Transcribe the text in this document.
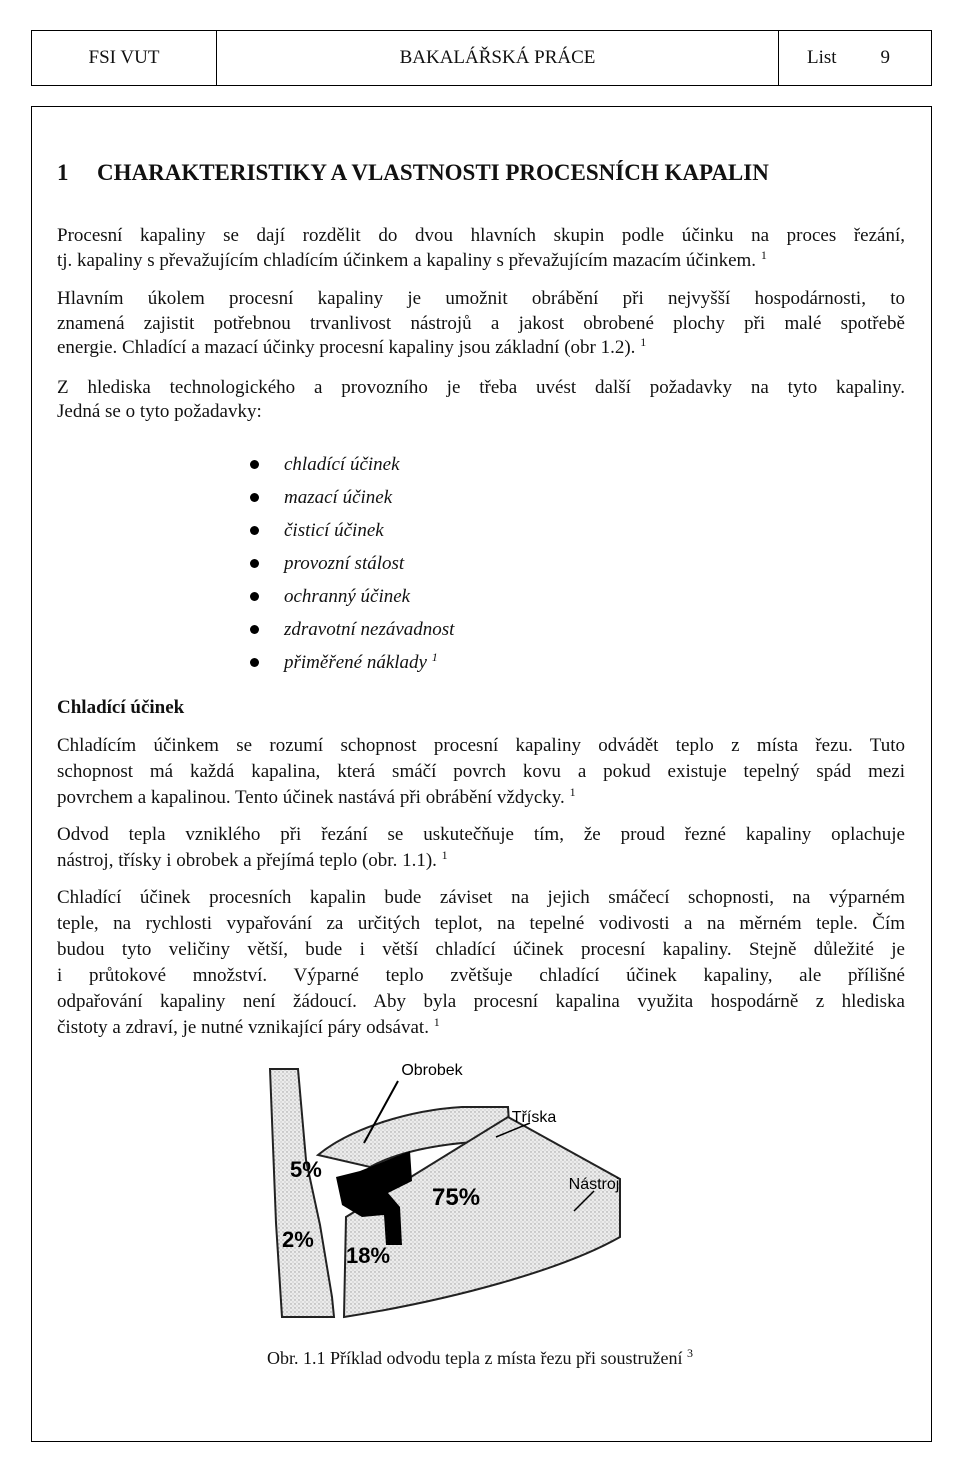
FSI VUT	BAKALÁŘSKÁ PRÁCE	List 9
1 CHARAKTERISTIKY A VLASTNOSTI PROCESNÍCH KAPALIN
Procesní kapaliny se dají rozdělit do dvou hlavních skupin podle účinku na proces řezání,
tj. kapaliny s převažujícím chladícím účinkem a kapaliny s převažujícím mazacím účinkem. $^1$
Hlavním úkolem procesní kapaliny je umožnit obrábění při nejvyšší hospodárnosti, to
znamená zajistit potřebnou trvanlivost nástrojů a jakost obrobené plochy při malé spotřebě
energie. Chladící a mazací účinky procesní kapaliny jsou základní (obr 1.2). $^1$
Z hlediska technologického a provozního je třeba uvést další požadavky na tyto kapaliny.
Jedná se o tyto požadavky:
chladící účinek
mazací účinek
čisticí účinek
provozní stálost
ochranný účinek
zdravotní nezávadnost
přiměřené náklady $^1$
Chladící účinek
Chladícím účinkem se rozumí schopnost procesní kapaliny odvádět teplo z místa řezu. Tuto
schopnost má každá kapalina, která smáčí povrch kovu a pokud existuje tepelný spád mezi
povrchem a kapalinou. Tento účinek nastává při obrábění vždycky. $^1$
Odvod tepla vzniklého při řezání se uskutečňuje tím, že proud řezné kapaliny oplachuje
nástroj, třísky i obrobek a přejímá teplo (obr. 1.1). $^1$
Chladící účinek procesních kapalin bude záviset na jejich smáčecí schopnosti, na výparném
teple, na rychlosti vypařování za určitých teplot, na tepelné vodivosti a na měrném teple. Čím
budou tyto veličiny větší, bude i větší chladící účinek procesní kapaliny. Stejně důležité je
i průtokové množství. Výparné teplo zvětšuje chladící účinek kapaliny, ale přílišné
odpařování kapaliny není žádoucí. Aby byla procesní kapalina využita hospodárně z hlediska
čistoty a zdraví, je nutné vznikající páry odsávat. $^1$
Obrobek
Tříska
Nástroj
5%
75%
2%
18%

Obr. 1.1 Příklad odvodu tepla z místa řezu při soustružení $^3$
